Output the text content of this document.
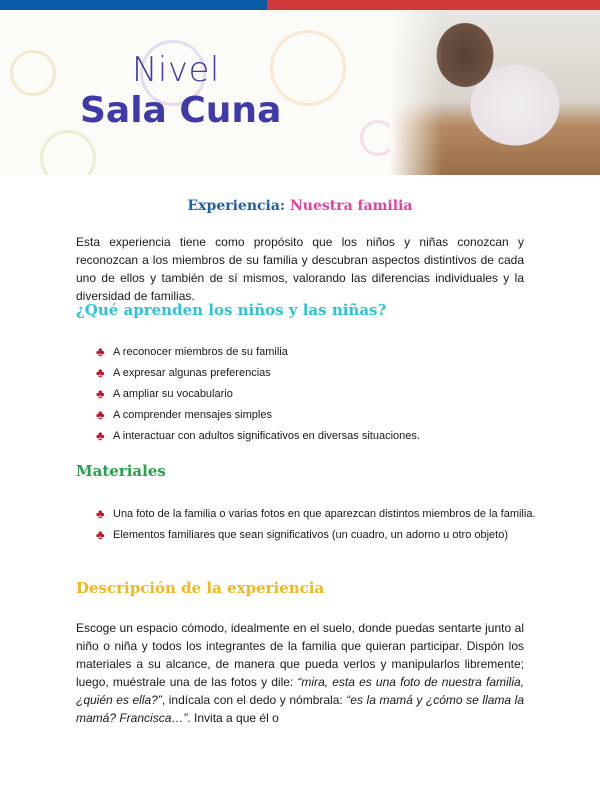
Nivel
Sala Cuna
Experiencia: Nuestra familia
Esta experiencia tiene como propósito que los niños y niñas conozcan y reconozcan a los miembros de su familia y descubran aspectos distintivos de cada uno de ellos y también de sí mismos, valorando las diferencias individuales y la diversidad de familias.
¿Qué aprenden los niños y las niñas?
♣ A reconocer miembros de su familia
♣ A expresar algunas preferencias
♣ A ampliar su vocabulario
♣ A comprender mensajes simples
♣ A interactuar con adultos significativos en diversas situaciones.
Materiales
♣ Una foto de la familia o varias fotos en que aparezcan distintos miembros de la familia.
♣ Elementos familiares que sean significativos (un cuadro, un adorno u otro objeto)
Descripción de la experiencia
Escoge un espacio cómodo, idealmente en el suelo, donde puedas sentarte junto al niño o niña y todos los integrantes de la familia que quieran participar. Dispón los materiales a su alcance, de manera que pueda verlos y manipularlos libremente; luego, muéstrale una de las fotos y dile: “mira, esta es una foto de nuestra familia, ¿quién es ella?”, indícala con el dedo y nómbrala: “es la mamá y ¿cómo se llama la mamá? Francisca…”. Invita a que él o
